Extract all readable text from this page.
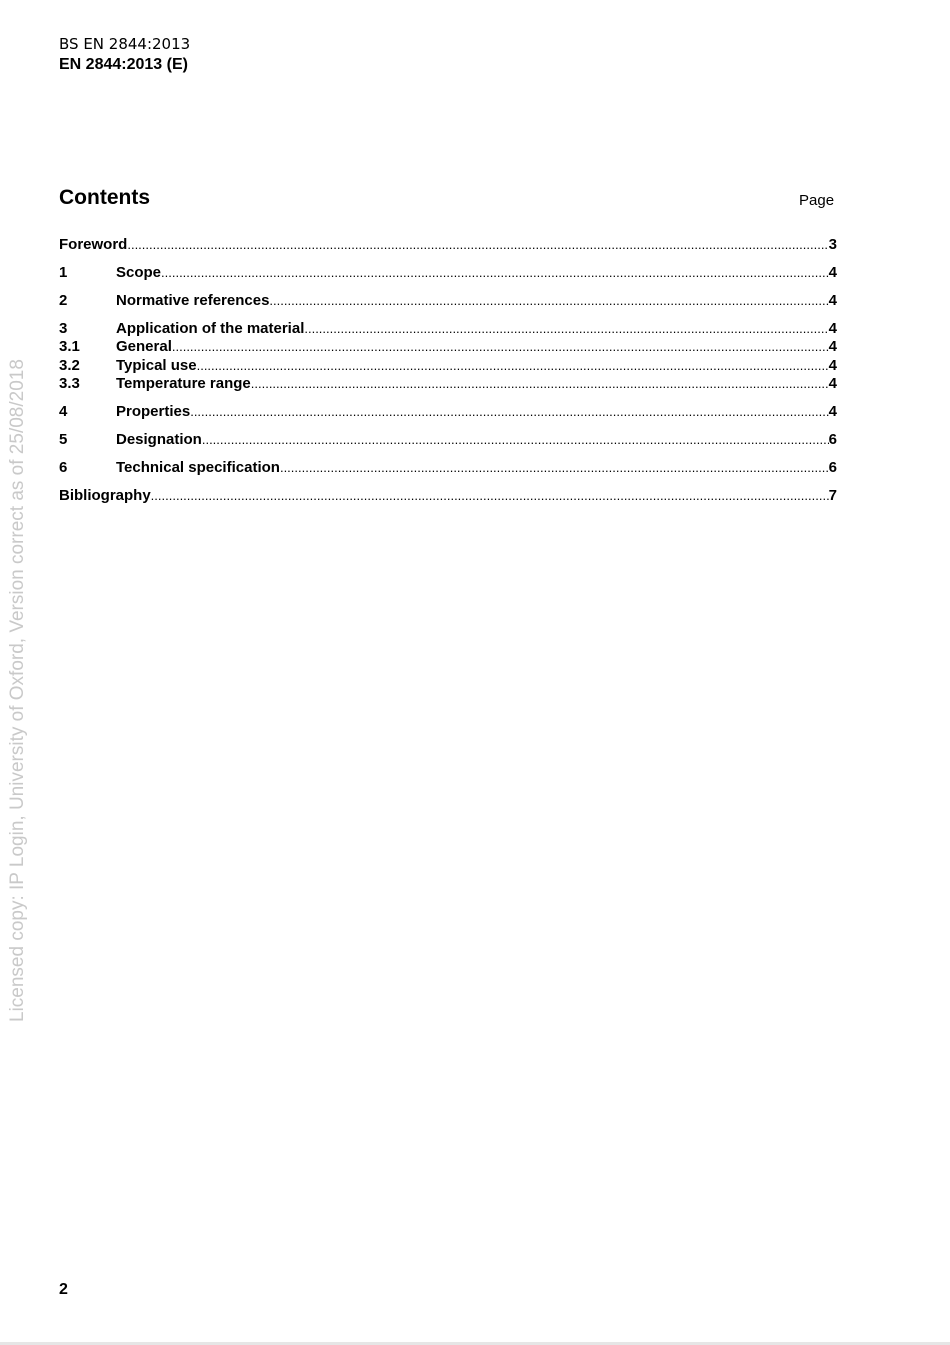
BS EN 2844:2013
EN 2844:2013 (E)
Contents	Page
Foreword .....	3
1	Scope .....	4
2	Normative references .....	4
3	Application of the material .....	4
3.1	General .....	4
3.2	Typical use .....	4
3.3	Temperature range .....	4
4	Properties .....	4
5	Designation .....	6
6	Technical specification .....	6
Bibliography .....	7
Licensed copy: IP Login, University of Oxford, Version correct as of 25/08/2018
2
